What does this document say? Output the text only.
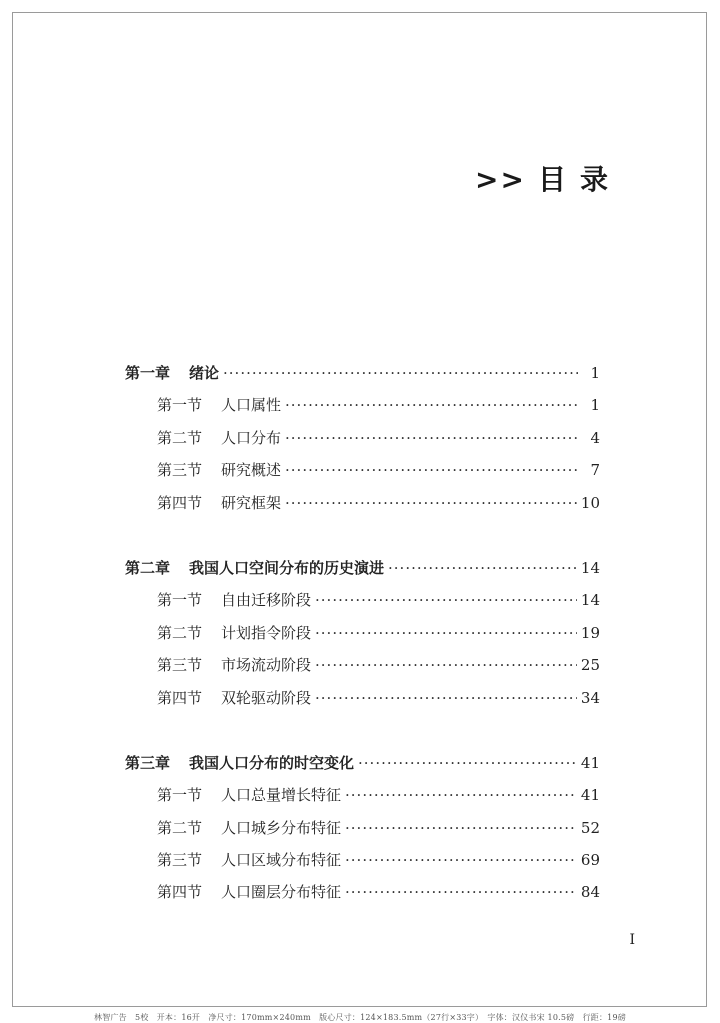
>> 目 录
第一章	绪论 ·····	1
第一节	人口属性 ·····	1
第二节	人口分布 ·····	4
第三节	研究概述 ·····	7
第四节	研究框架 ·····	10
第二章	我国人口空间分布的历史演进 ·····	14
第一节	自由迁移阶段 ·····	14
第二节	计划指令阶段 ·····	19
第三节	市场流动阶段 ·····	25
第四节	双轮驱动阶段 ·····	34
第三章	我国人口分布的时空变化 ·····	41
第一节	人口总量增长特征 ·····	41
第二节	人口城乡分布特征 ·····	52
第三节	人口区域分布特征 ·····	69
第四节	人口圈层分布特征 ·····	84
I
林智广告　5校　开本：16开　净尺寸：170mm×240mm　版心尺寸：124×183.5mm（27行×33字）　字体：汉仪书宋 10.5磅　行距：19磅
